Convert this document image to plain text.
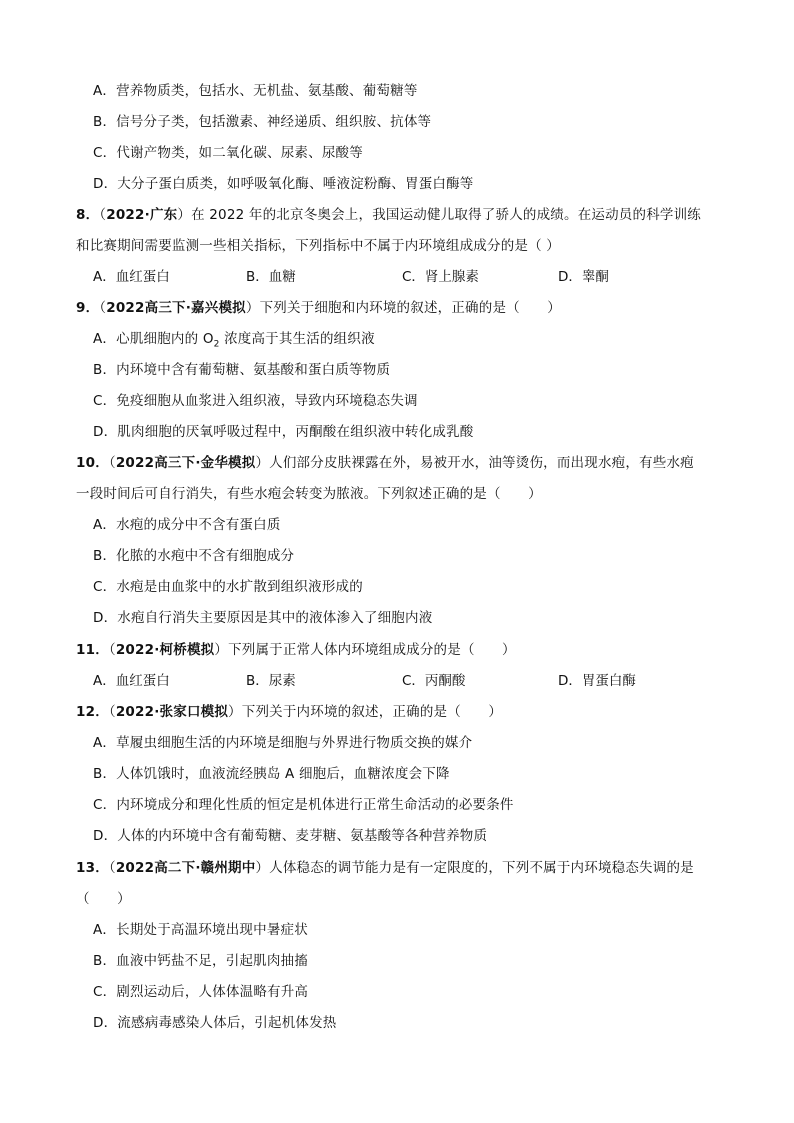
A．营养物质类，包括水、无机盐、氨基酸、葡萄糖等
B．信号分子类，包括激素、神经递质、组织胺、抗体等
C．代谢产物类，如二氧化碳、尿素、尿酸等
D．大分子蛋白质类，如呼吸氧化酶、唾液淀粉酶、胃蛋白酶等
8．（2022·广东）在 2022 年的北京冬奥会上，我国运动健儿取得了骄人的成绩。在运动员的科学训练
和比赛期间需要监测一些相关指标，下列指标中不属于内环境组成成分的是（ ）
A．血红蛋白	B．血糖	C．肾上腺素	D．睾酮
9．（2022高三下·嘉兴模拟）下列关于细胞和内环境的叙述，正确的是（　　）
A．心肌细胞内的 $O_2$ 浓度高于其生活的组织液
B．内环境中含有葡萄糖、氨基酸和蛋白质等物质
C．免疫细胞从血浆进入组织液，导致内环境稳态失调
D．肌肉细胞的厌氧呼吸过程中，丙酮酸在组织液中转化成乳酸
10．（2022高三下·金华模拟）人们部分皮肤裸露在外，易被开水，油等烫伤，而出现水疱，有些水疱
一段时间后可自行消失，有些水疱会转变为脓液。下列叙述正确的是（　　）
A．水疱的成分中不含有蛋白质
B．化脓的水疱中不含有细胞成分
C．水疱是由血浆中的水扩散到组织液形成的
D．水疱自行消失主要原因是其中的液体渗入了细胞内液
11．（2022·柯桥模拟）下列属于正常人体内环境组成成分的是（　　）
A．血红蛋白	B．尿素	C．丙酮酸	D．胃蛋白酶
12．（2022·张家口模拟）下列关于内环境的叙述，正确的是（　　）
A．草履虫细胞生活的内环境是细胞与外界进行物质交换的媒介
B．人体饥饿时，血液流经胰岛 A 细胞后，血糖浓度会下降
C．内环境成分和理化性质的恒定是机体进行正常生命活动的必要条件
D．人体的内环境中含有葡萄糖、麦芽糖、氨基酸等各种营养物质
13．（2022高二下·赣州期中）人体稳态的调节能力是有一定限度的，下列不属于内环境稳态失调的是
（　　）
A．长期处于高温环境出现中暑症状
B．血液中钙盐不足，引起肌肉抽搐
C．剧烈运动后，人体体温略有升高
D．流感病毒感染人体后，引起机体发热
